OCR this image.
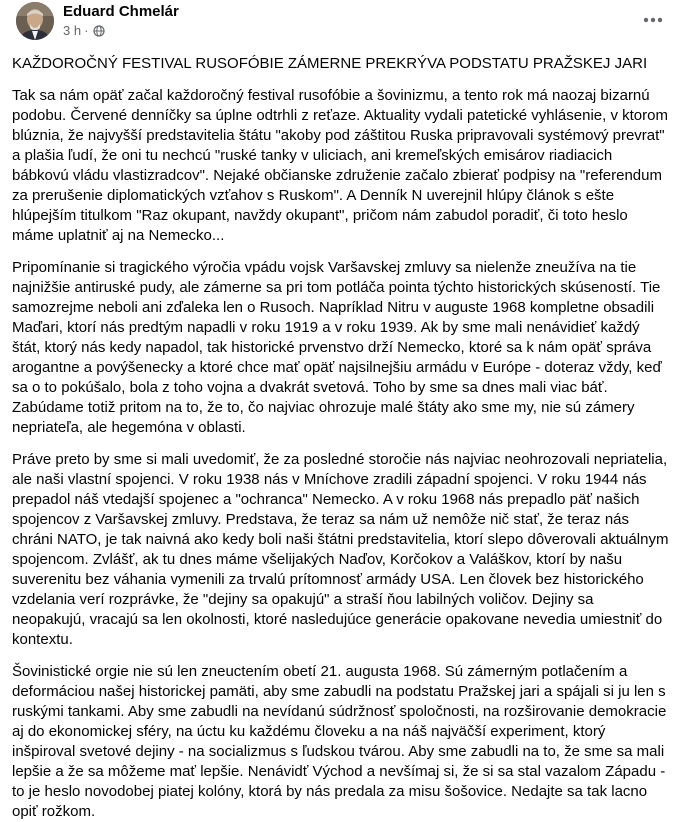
Eduard Chmelár
3 h ·
KAŽDOROČNÝ FESTIVAL RUSOFÓBIE ZÁMERNE PREKRÝVA PODSTATU PRAŽSKEJ JARI

Tak sa nám opäť začal každoročný festival rusofóbie a šovinizmu, a tento rok má naozaj bizarnú podobu. Červené denníčky sa úplne odtrhli z reťaze. Aktuality vydali patetické vyhlásenie, v ktorom blúznia, že najvyšší predstavitelia štátu "akoby pod záštitou Ruska pripravovali systémový prevrat" a plašia ľudí, že oni tu nechcú "ruské tanky v uliciach, ani kremeľských emisárov riadiacich bábkovú vládu vlastizradcov". Nejaké občianske združenie začalo zbierať podpisy na "referendum za prerušenie diplomatických vzťahov s Ruskom". A Denník N uverejnil hlúpy článok s ešte hlúpejším titulkom "Raz okupant, navždy okupant", pričom nám zabudol poradiť, či toto heslo máme uplatniť aj na Nemecko...

Pripomínanie si tragického výročia vpádu vojsk Varšavskej zmluvy sa nielenže zneužíva na tie najnižšie antiruské pudy, ale zámerne sa pri tom potláča pointa týchto historických skúseností. Tie samozrejme neboli ani zďaleka len o Rusoch. Napríklad Nitru v auguste 1968 kompletne obsadili Maďari, ktorí nás predtým napadli v roku 1919 a v roku 1939. Ak by sme mali nenávidieť každý štát, ktorý nás kedy napadol, tak historické prvenstvo drží Nemecko, ktoré sa k nám opäť správa arogantne a povýšenecky a ktoré chce mať opäť najsilnejšiu armádu v Európe - doteraz vždy, keď sa o to pokúšalo, bola z toho vojna a dvakrát svetová. Toho by sme sa dnes mali viac báť. Zabúdame totiž pritom na to, že to, čo najviac ohrozuje malé štáty ako sme my, nie sú zámery nepriateľa, ale hegemóna v oblasti.

Práve preto by sme si mali uvedomiť, že za posledné storočie nás najviac neohrozovali nepriatelia, ale naši vlastní spojenci. V roku 1938 nás v Mníchove zradili západní spojenci. V roku 1944 nás prepadol náš vtedajší spojenec a "ochranca" Nemecko. A v roku 1968 nás prepadlo päť našich spojencov z Varšavskej zmluvy. Predstava, že teraz sa nám už nemôže nič stať, že teraz nás chráni NATO, je tak naivná ako kedy boli naši štátni predstavitelia, ktorí slepo dôverovali aktuálnym spojencom. Zvlášť, ak tu dnes máme všelijakých Naďov, Korčokov a Valáškov, ktorí by našu suverenitu bez váhania vymenili za trvalú prítomnosť armády USA. Len človek bez historického vzdelania verí rozprávke, že "dejiny sa opakujú" a straší ňou labilných voličov. Dejiny sa neopakujú, vracajú sa len okolnosti, ktoré nasledujúce generácie opakovane nevedia umiestniť do kontextu.

Šovinistické orgie nie sú len zneuctením obetí 21. augusta 1968. Sú zámerným potlačením a deformáciou našej historickej pamäti, aby sme zabudli na podstatu Pražskej jari a spájali si ju len s ruskými tankami. Aby sme zabudli na nevídanú súdržnosť spoločnosti, na rozširovanie demokracie aj do ekonomickej sféry, na úctu ku každému človeku a na náš najväčší experiment, ktorý inšpiroval svetové dejiny - na socializmus s ľudskou tvárou. Aby sme zabudli na to, že sme sa mali lepšie a že sa môžeme mať lepšie. Nenávidť Východ a nevšímaj si, že si sa stal vazalom Západu - to je heslo novodobej piatej kolóny, ktorá by nás predala za misu šošovice. Nedajte sa tak lacno opiť rožkom.
